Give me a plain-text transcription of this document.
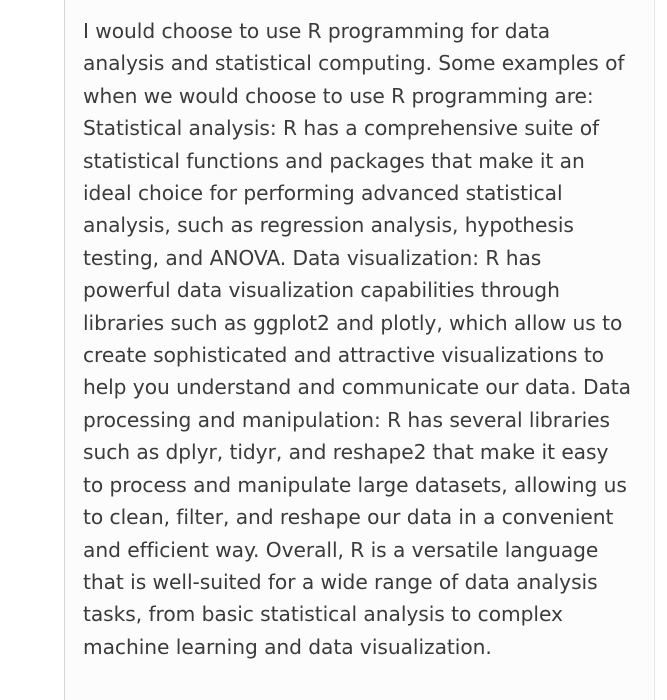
I would choose to use R programming for data analysis and statistical computing. Some examples of when we would choose to use R programming are: Statistical analysis: R has a comprehensive suite of statistical functions and packages that make it an ideal choice for performing advanced statistical analysis, such as regression analysis, hypothesis testing, and ANOVA. Data visualization: R has powerful data visualization capabilities through libraries such as ggplot2 and plotly, which allow us to create sophisticated and attractive visualizations to help you understand and communicate our data. Data processing and manipulation: R has several libraries such as dplyr, tidyr, and reshape2 that make it easy to process and manipulate large datasets, allowing us to clean, filter, and reshape our data in a convenient and efficient way. Overall, R is a versatile language that is well-suited for a wide range of data analysis tasks, from basic statistical analysis to complex machine learning and data visualization.
